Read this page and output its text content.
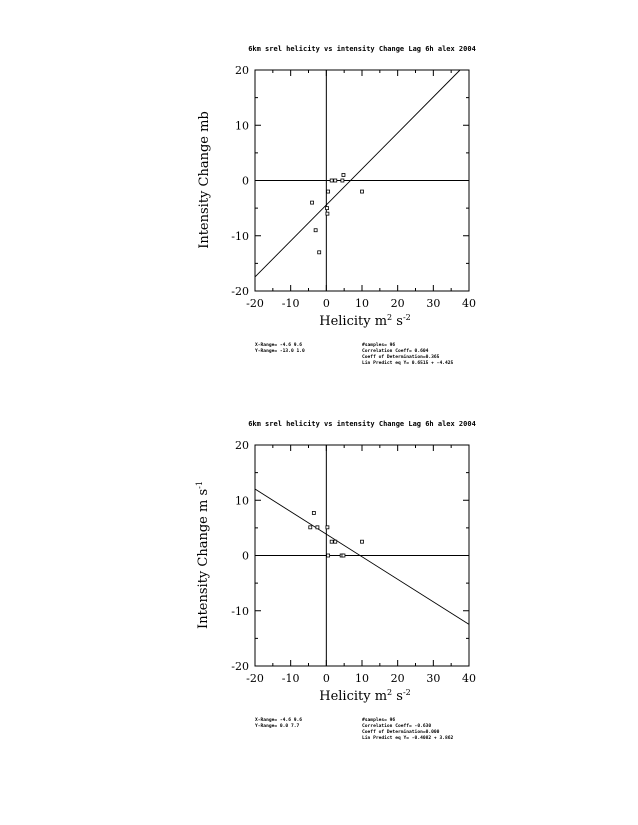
6km srel helicity vs intensity Change Lag 6h alex 2004
-20 -10 0 10 20 30 40
-20
-10
0
10
20
Intensity Change mb
Helicity $m^2$ $s^{-2}$
X-Range= -4.6 9.6
Y-Range= -13.0 1.0
#samples= 96
Correlation Coeff= 0.604
Coeff of Determination=0.365
Lin Predict eq Y= 0.6515 + -4.425
6km srel helicity vs intensity Change Lag 6h alex 2004
-20 -10 0 10 20 30 40
-20
-10
0
10
20
Intensity Change m $s^{-1}$
Helicity $m^2$ $s^{-2}$
X-Range= -4.6 9.6
Y-Range= 0.0 7.7
#samples= 96
Correlation Coeff= -0.630
Coeff of Determination=0.000
Lin Predict eq Y= -0.4082 + 3.862
